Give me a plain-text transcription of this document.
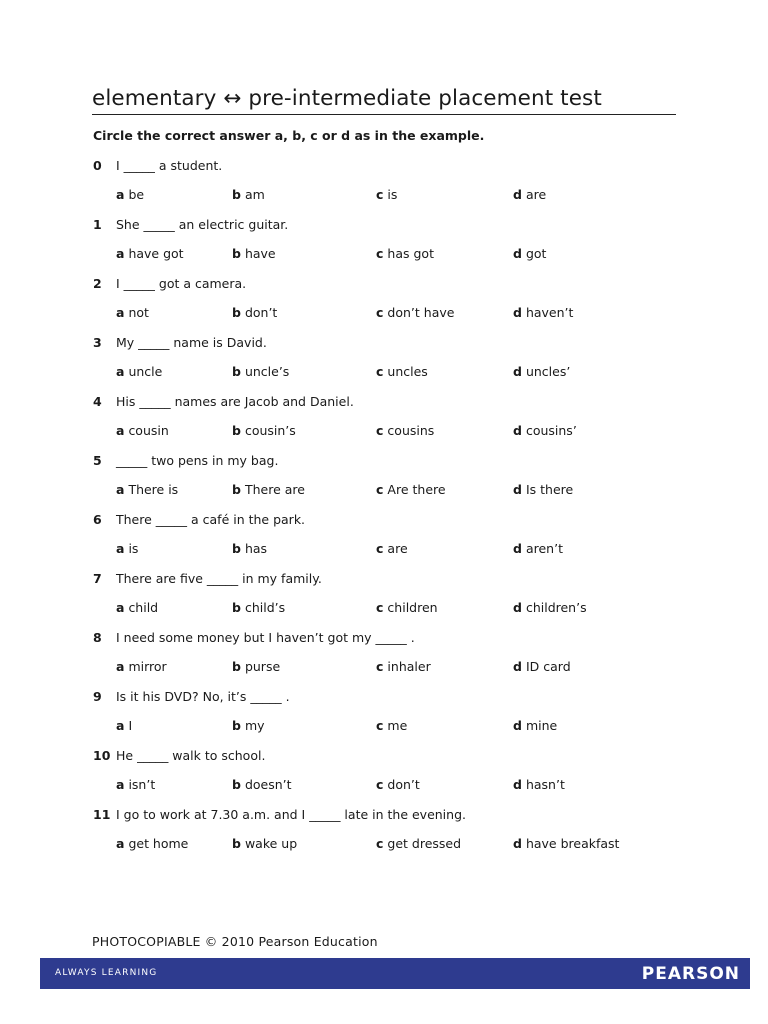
elementary ↔ pre-intermediate placement test
Circle the correct answer a, b, c or d as in the example.
0 I _____ a student.
a be	b am	c is	d are
1 She _____ an electric guitar.
a have got	b have	c has got	d got
2 I _____ got a camera.
a not	b don’t	c don’t have	d haven’t
3 My _____ name is David.
a uncle	b uncle’s	c uncles	d uncles’
4 His _____ names are Jacob and Daniel.
a cousin	b cousin’s	c cousins	d cousins’
5 _____ two pens in my bag.
a There is	b There are	c Are there	d Is there
6 There _____ a café in the park.
a is	b has	c are	d aren’t
7 There are five _____ in my family.
a child	b child’s	c children	d children’s
8 I need some money but I haven’t got my _____ .
a mirror	b purse	c inhaler	d ID card
9 Is it his DVD? No, it’s _____ .
a I	b my	c me	d mine
10 He _____ walk to school.
a isn’t	b doesn’t	c don’t	d hasn’t
11 I go to work at 7.30 a.m. and I _____ late in the evening.
a get home	b wake up	c get dressed	d have breakfast
PHOTOCOPIABLE © 2010 Pearson Education
ALWAYS LEARNING	PEARSON
